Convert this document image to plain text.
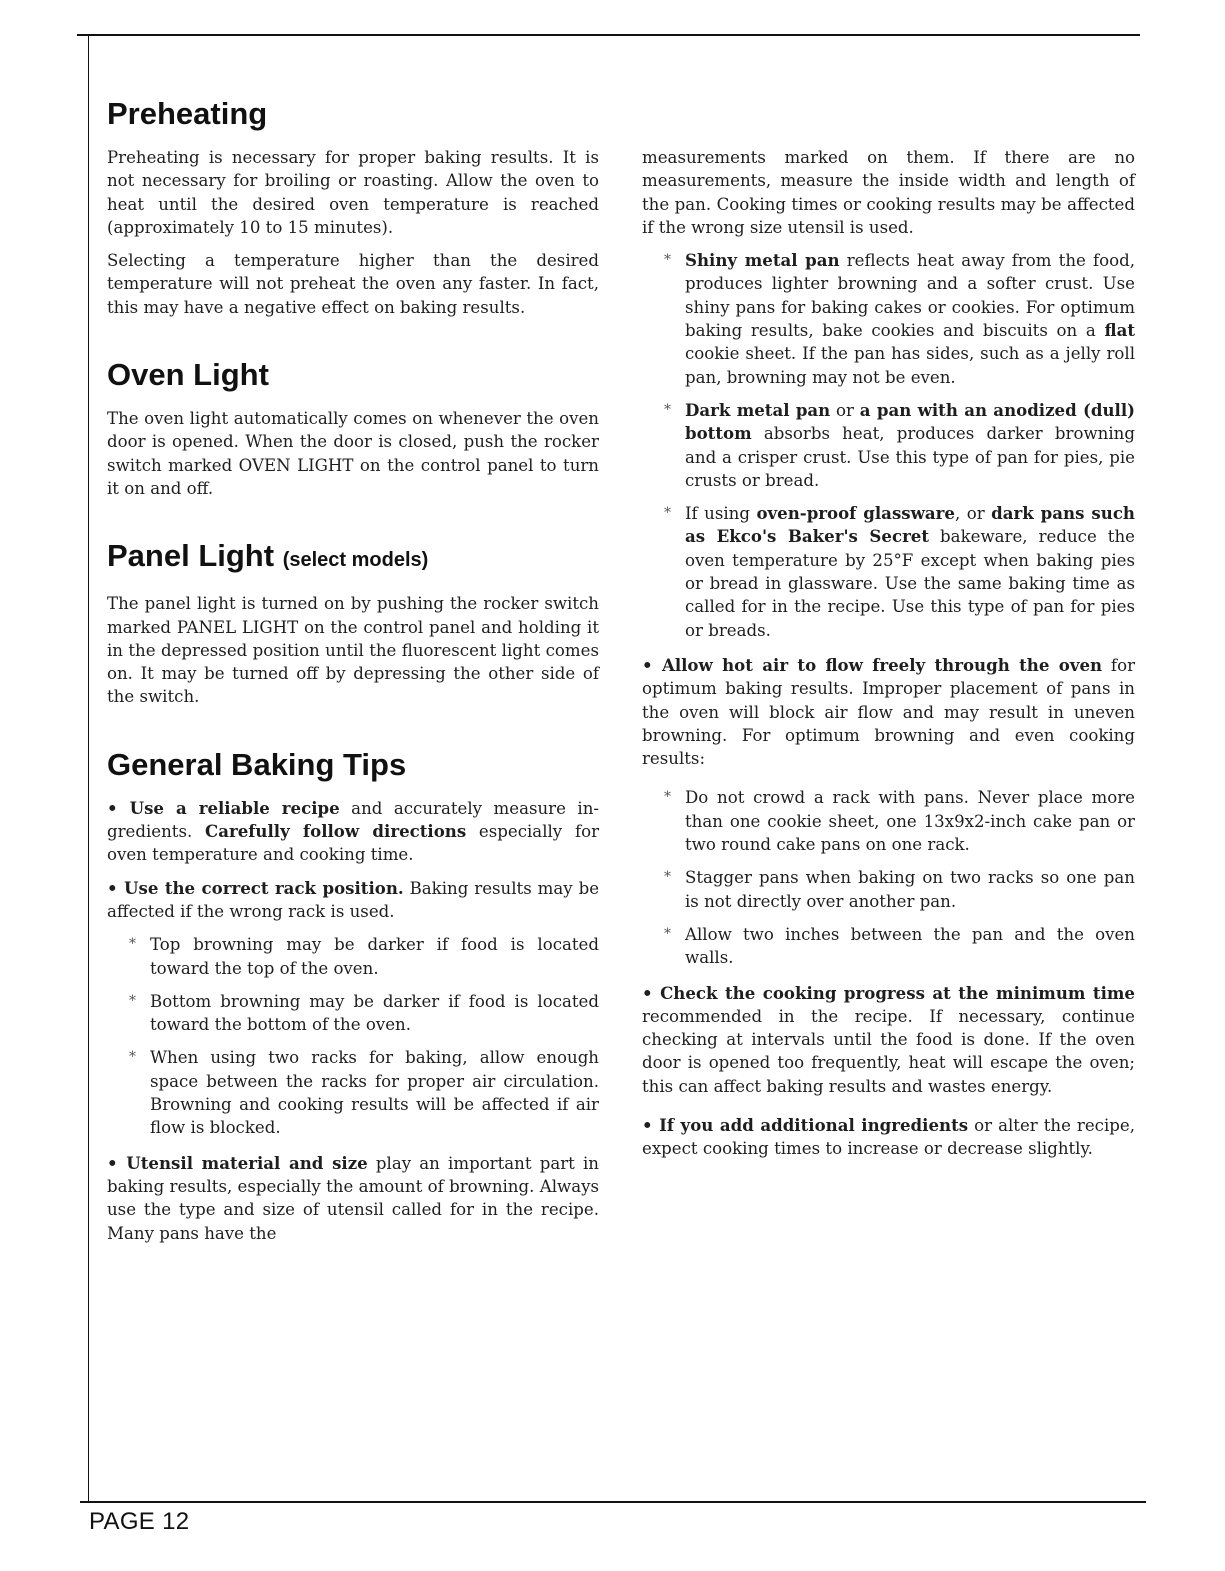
Preheating

Preheating is necessary for proper baking results. It is not necessary for broiling or roasting. Allow the oven to heat until the desired oven temperature is reached (approximately 10 to 15 minutes).

Selecting a temperature higher than the desired temperature will not preheat the oven any faster. In fact, this may have a negative effect on baking results.

Oven Light

The oven light automatically comes on whenever the oven door is opened. When the door is closed, push the rocker switch marked OVEN LIGHT on the control panel to turn it on and off.

Panel Light (select models)

The panel light is turned on by pushing the rocker switch marked PANEL LIGHT on the control panel and holding it in the depressed position until the fluorescent light comes on. It may be turned off by depressing the other side of the switch.

General Baking Tips

• Use a reliable recipe and accurately measure in- gredients. Carefully follow directions especially for oven temperature and cooking time.

• Use the correct rack position. Baking results may be affected if the wrong rack is used.

* Top browning may be darker if food is located toward the top of the oven.
* Bottom browning may be darker if food is located toward the bottom of the oven.
* When using two racks for baking, allow enough space between the racks for proper air circulation. Browning and cooking results will be affected if air flow is blocked.

• Utensil material and size play an important part in baking results, especially the amount of browning. Always use the type and size of utensil called for in the recipe. Many pans have the

measurements marked on them. If there are no measurements, measure the inside width and length of the pan. Cooking times or cooking results may be affected if the wrong size utensil is used.

* Shiny metal pan reflects heat away from the food, produces lighter browning and a softer crust. Use shiny pans for baking cakes or cookies. For optimum baking results, bake cookies and biscuits on a flat cookie sheet. If the pan has sides, such as a jelly roll pan, browning may not be even.
* Dark metal pan or a pan with an anodized (dull) bottom absorbs heat, produces darker browning and a crisper crust. Use this type of pan for pies, pie crusts or bread.
* If using oven-proof glassware, or dark pans such as Ekco's Baker's Secret bakeware, reduce the oven temperature by 25°F except when baking pies or bread in glassware. Use the same baking time as called for in the recipe. Use this type of pan for pies or breads.

• Allow hot air to flow freely through the oven for optimum baking results. Improper placement of pans in the oven will block air flow and may result in uneven browning. For optimum browning and even cooking results:

* Do not crowd a rack with pans. Never place more than one cookie sheet, one 13x9x2-inch cake pan or two round cake pans on one rack.
* Stagger pans when baking on two racks so one pan is not directly over another pan.
* Allow two inches between the pan and the oven walls.

• Check the cooking progress at the minimum time recommended in the recipe. If necessary, continue checking at intervals until the food is done. If the oven door is opened too frequently, heat will escape the oven; this can affect baking results and wastes energy.

• If you add additional ingredients or alter the recipe, expect cooking times to increase or decrease slightly.

PAGE 12
